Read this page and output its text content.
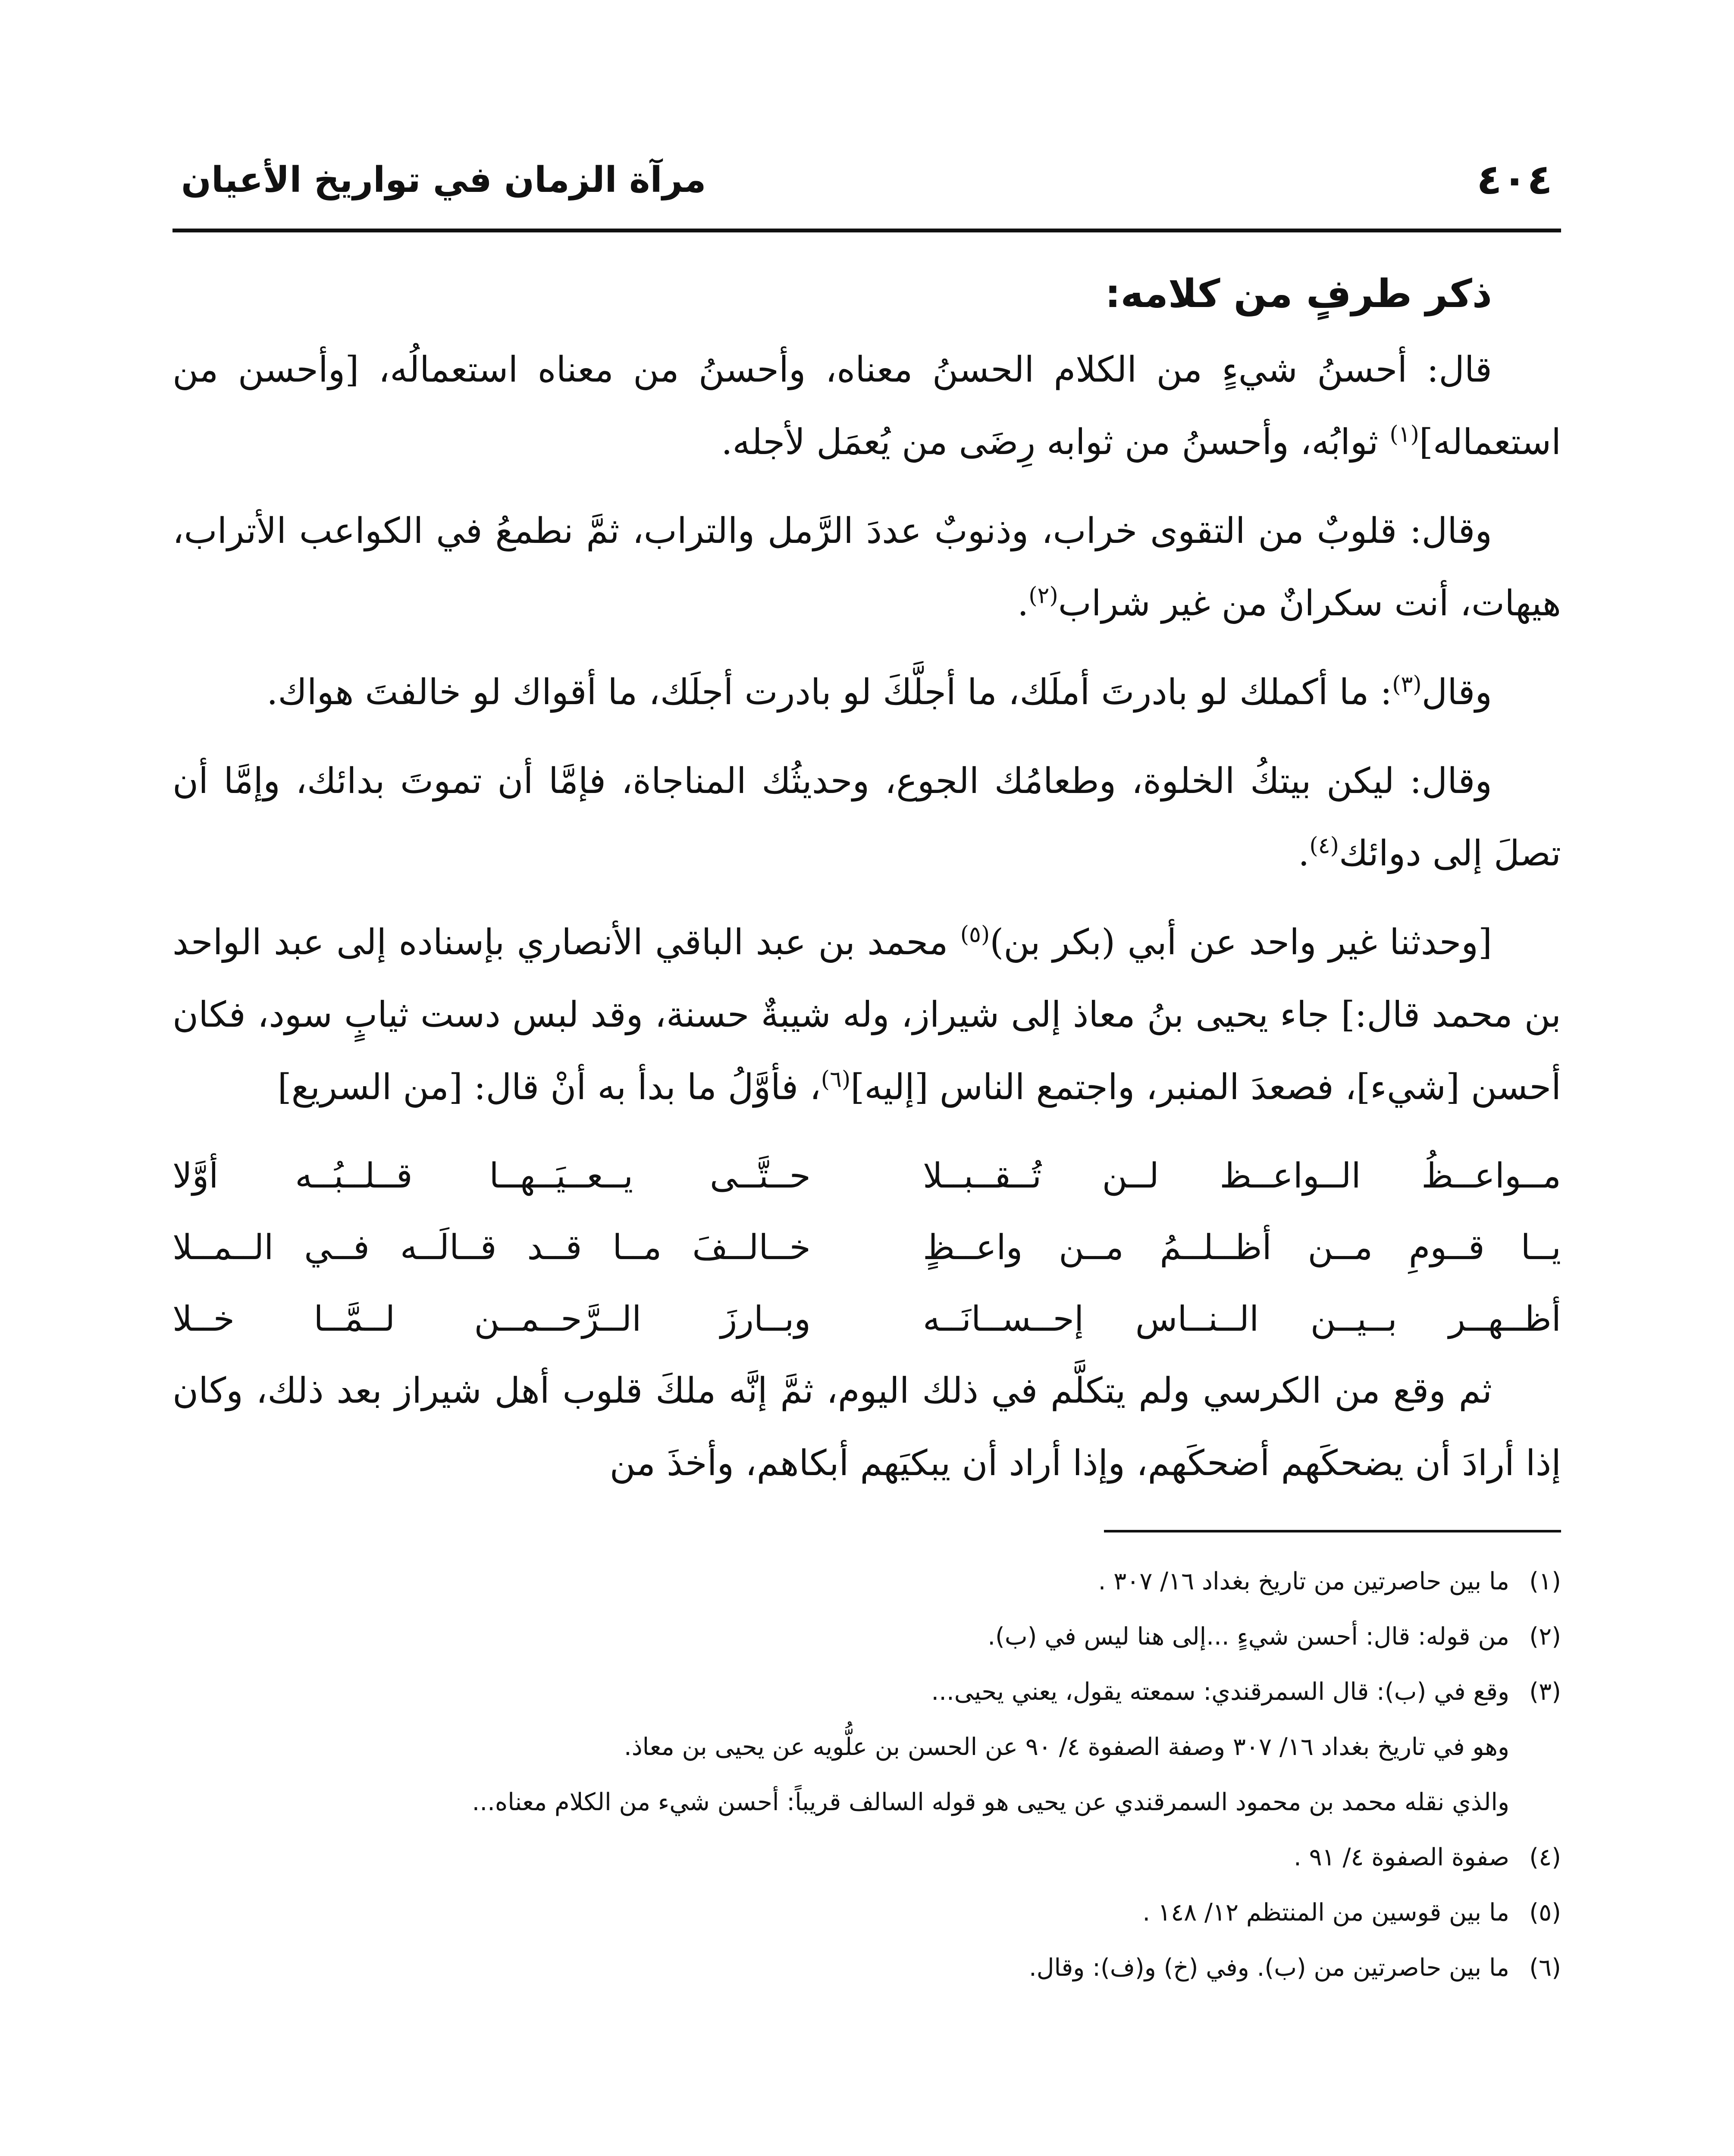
٤٠٤
مرآة الزمان في تواريخ الأعيان
ذكر طرفٍ من كلامه:

قال: أحسنُ شيءٍ من الكلام الحسنُ معناه، وأحسنُ من معناه استعمالُه، [وأحسن من استعماله]$^{(١)}$ ثوابُه، وأحسنُ من ثوابه رِضَى من يُعمَل لأجله.

وقال: قلوبٌ من التقوى خراب، وذنوبٌ عددَ الرَّمل والتراب، ثمَّ نطمعُ في الكواعب الأتراب، هيهات، أنت سكرانٌ من غير شراب$^{(٢)}$.

وقال$^{(٣)}$: ما أكملك لو بادرتَ أملَك، ما أجلَّكَ لو بادرت أجلَك، ما أقواك لو خالفتَ هواك.

وقال: ليكن بيتكُ الخلوة، وطعامُك الجوع، وحديثُك المناجاة، فإمَّا أن تموتَ بدائك، وإمَّا أن تصلَ إلى دوائك$^{(٤)}$.

[وحدثنا غير واحد عن أبي (بكر بن)$^{(٥)}$ محمد بن عبد الباقي الأنصاري بإسناده إلى عبد الواحد بن محمد قال:] جاء يحيى بنُ معاذ إلى شيراز، وله شيبةٌ حسنة، وقد لبس دست ثيابٍ سود، فكان أحسن [شيء]، فصعدَ المنبر، واجتمع الناس [إليه]$^{(٦)}$، فأوَّلُ ما بدأ به أنْ قال: [من السريع]

مــواعــظُ الــواعــظ لــن تُــقــبــلا
حــتَّــى يــعــيَــهــا قــلــبُــه أوَّلا
يــا قــومِ مــن أظــلــمُ مــن واعــظٍ
خــالــفَ مــا قــد قــالَــه فــي الــمــلا
أظــهــر بــيــن الــنــاس إحــســانَــه
وبــارزَ الــرَّحــمــن لــمَّــا خــلا

ثم وقع من الكرسي ولم يتكلَّم في ذلك اليوم، ثمَّ إنَّه ملكَ قلوب أهل شيراز بعد ذلك، وكان إذا أرادَ أن يضحكَهم أضحكَهم، وإذا أراد أن يبكيَهم أبكاهم، وأخذَ من

(١)ما بين حاصرتين من تاريخ بغداد ١٦/ ٣٠٧ .

(٢)من قوله: قال: أحسن شيءٍ ...إلى هنا ليس في (ب).

(٣)وقع في (ب): قال السمرقندي: سمعته يقول، يعني يحيى...

وهو في تاريخ بغداد ١٦/ ٣٠٧ وصفة الصفوة ٤/ ٩٠ عن الحسن بن علُّويه عن يحيى بن معاذ.

والذي نقله محمد بن محمود السمرقندي عن يحيى هو قوله السالف قريباً: أحسن شيء من الكلام معناه...

(٤)صفوة الصفوة ٤/ ٩١ .

(٥)ما بين قوسين من المنتظم ١٢/ ١٤٨ .

(٦)ما بين حاصرتين من (ب). وفي (خ) و(ف): وقال.
